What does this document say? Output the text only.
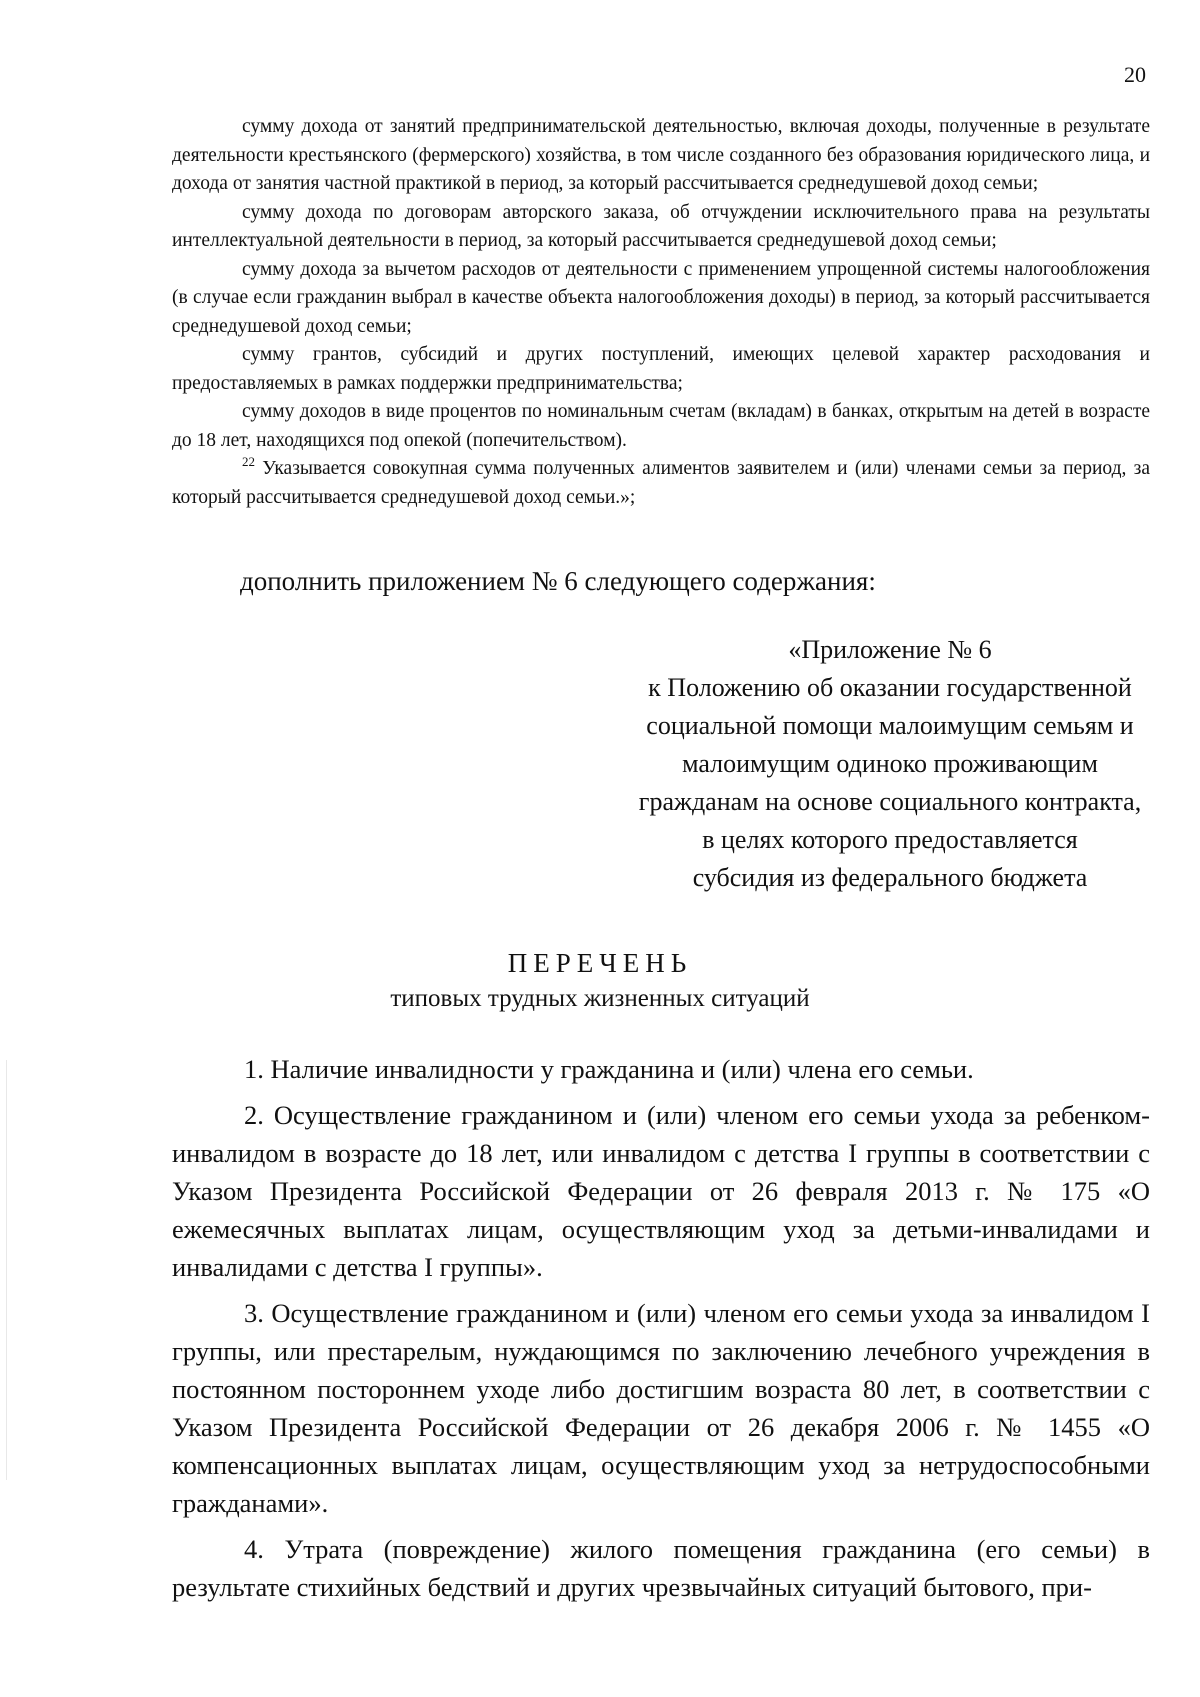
20

сумму дохода от занятий предпринимательской деятельностью, включая доходы, полученные в результате деятельности крестьянского (фермерского) хозяйства, в том числе созданного без образования юридического лица, и дохода от занятия частной практикой в период, за который рассчитывается среднедушевой доход семьи;

сумму дохода по договорам авторского заказа, об отчуждении исключительного права на результаты интеллектуальной деятельности в период, за который рассчитывается среднедушевой доход семьи;

сумму дохода за вычетом расходов от деятельности с применением упрощенной системы налогообложения (в случае если гражданин выбрал в качестве объекта налогообложения доходы) в период, за который рассчитывается среднедушевой доход семьи;

сумму грантов, субсидий и других поступлений, имеющих целевой характер расходования и предоставляемых в рамках поддержки предпринимательства;

сумму доходов в виде процентов по номинальным счетам (вкладам) в банках, открытым на детей в возрасте до 18 лет, находящихся под опекой (попечительством).

$^{22}$ Указывается совокупная сумма полученных алиментов заявителем и (или) членами семьи за период, за который рассчитывается среднедушевой доход семьи.»;

дополнить приложением № 6 следующего содержания:
«Приложение № 6
к Положению об оказании государственной
социальной помощи малоимущим семьям и
малоимущим одиноко проживающим
гражданам на основе социального контракта,
в целях которого предоставляется
субсидия из федерального бюджета
ПЕРЕЧЕНЬ
типовых трудных жизненных ситуаций

1. Наличие инвалидности у гражданина и (или) члена его семьи.

2. Осуществление гражданином и (или) членом его семьи ухода за ребенком-инвалидом в возрасте до 18 лет, или инвалидом с детства I группы в соответствии с Указом Президента Российской Федерации от 26 февраля 2013 г. № 175 «О ежемесячных выплатах лицам, осуществляющим уход за детьми-инвалидами и инвалидами с детства I группы».

3. Осуществление гражданином и (или) членом его семьи ухода за инвалидом I группы, или престарелым, нуждающимся по заключению лечебного учреждения в постоянном постороннем уходе либо достигшим возраста 80 лет, в соответствии с Указом Президента Российской Федерации от 26 декабря 2006 г. № 1455 «О компенсационных выплатах лицам, осуществляющим уход за нетрудоспособными гражданами».

4. Утрата (повреждение) жилого помещения гражданина (его семьи) в результате стихийных бедствий и других чрезвычайных ситуаций бытового, при-
